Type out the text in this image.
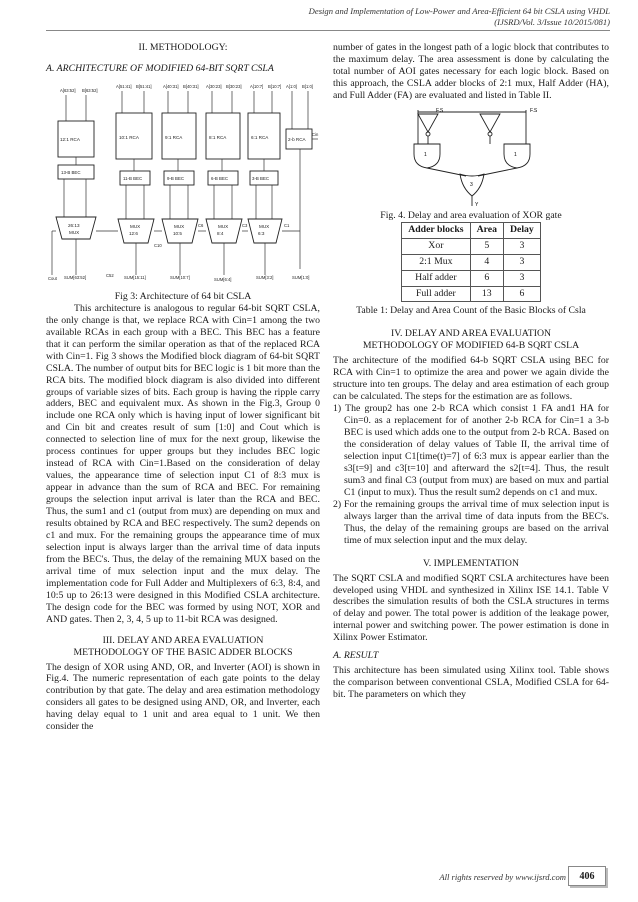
Design and Implementation of Low-Power and Area-Efficient 64 bit CSLA using VHDL
(IJSRD/Vol. 3/Issue 10/2015/081)

II. METHODOLOGY:

A. ARCHITECTURE OF MODIFIED 64-BIT SQRT CSLA

A[63:52] B[63:52]
A[51:41] B[51:41]	A[40:31] B[40:31] A[30:23] B[30:23] A[10:7] B[10:7] A[1:0] B[1:0]
12:1 RCA	10:1 RCA	9:1 RCA	8:1 RCA	6:1 RCA	2-b RCA
13-B BEC
11-B BEC	9-B BEC	6-B BEC	3-B BEC
26:13
12:6	10:5	8:4	6:3
MUX
MUX	MUX	MUX	MUX
Cin
C1
C3
C6
C10
C52
Cout SUM[63:52]	SUM[15:11]	SUM[10:7]	SUM[6:4]	SUM[3:2]	SUM[1:0]

Fig 3: Architecture of 64 bit CSLA

This architecture is analogous to regular 64-bit SQRT CSLA, the only change is that, we replace RCA with Cin=1 among the two available RCAs in each group with a BEC. This BEC has a feature that it can perform the similar operation as that of the replaced RCA with Cin=1. Fig 3 shows the Modified block diagram of 64-bit SQRT CSLA. The number of output bits for BEC logic is 1 bit more than the RCA bits. The modified block diagram is also divided into different groups of variable sizes of bits. Each group is having the ripple carry adders, BEC and equivalent mux. As shown in the Fig.3, Group 0 include one RCA only which is having input of lower significant bit and Cin bit and creates result of sum [1:0] and Cout which is connected to selection line of mux for the next group, likewise the process continues for upper groups but they includes BEC logic instead of RCA with Cin=1.Based on the consideration of delay values, the appearance time of selection input C1 of 8:3 mux is appear in advance than the sum of RCA and BEC. For remaining groups the selection input arrival is later than the RCA and BEC. Thus, the sum1 and c1 (output from mux) are depending on mux and results obtained by RCA and BEC respectively. The sum2 depends on c1 and mux. For the remaining groups the appearance time of mux selection input is always larger than the arrival time of data inputs from the BEC's. Thus, the delay of the remaining MUX based on the arrival time of mux selection input and the mux delay. The implementation code for Full Adder and Multiplexers of 6:3, 8:4, and 10:5 up to 26:13 were designed in this Modified CSLA architecture. The design code for the BEC was formed by using NOT, XOR and AND gates. Then 2, 3, 4, 5 up to 11-bit RCA was designed.

III. DELAY AND AREA EVALUATION

METHODOLOGY OF THE BASIC ADDER BLOCKS

The design of XOR using AND, OR, and Inverter (AOI) is shown in Fig.4. The numeric representation of each gate points to the delay contribution by that gate. The delay and area estimation methodology considers all gates to be designed using AND, OR, and Inverter, each having delay equal to 1 unit and area equal to 1 unit. We then consider the

number of gates in the longest path of a logic block that contributes to the maximum delay. The area assessment is done by calculating the total number of AOI gates necessary for each logic block. Based on this approach, the CSLA adder blocks of 2:1 mux, Half Adder (HA), and Full Adder (FA) are evaluated and listed in Table II.

F.S	F.S
1	1
3
Y

Fig. 4. Delay and area evaluation of XOR gate

Adder blocks	Area	Delay
Xor	5	3
2:1 Mux	4	3
Half adder	6	3
Full adder	13	6

Table 1: Delay and Area Count of the Basic Blocks of Csla

IV. DELAY AND AREA EVALUATION

METHODOLOGY OF MODIFIED 64-B SQRT CSLA

The architecture of the modified 64-b SQRT CSLA using BEC for RCA with Cin=1 to optimize the area and power we again divide the structure into ten groups. The delay and area estimation of each group can be calculated. The steps for the estimation are as follows.

1) The group2 has one 2-b RCA which consist 1 FA and1 HA for Cin=0. as a replacement for of another 2-b RCA for Cin=1 a 3-b BEC is used which adds one to the output from 2-b RCA. Based on the consideration of delay values of Table II, the arrival time of selection input C1[time(t)=7] of 6:3 mux is appear earlier than the s3[t=9] and c3[t=10] and afterward the s2[t=4]. Thus, the result sum3 and final C3 (output from mux) are based on mux and partial C1 (input to mux). Thus the result sum2 depends on c1 and mux.

2) For the remaining groups the arrival time of mux selection input is always larger than the arrival time of data inputs from the BEC's. Thus, the delay of the remaining groups are based on the arrival time of mux selection input and the mux delay.

V. IMPLEMENTATION

The SQRT CSLA and modified SQRT CSLA architectures have been developed using VHDL and synthesized in Xilinx ISE 14.1. Table V describes the simulation results of both the CSLA structures in terms of delay and power. The total power is addition of the leakage power, internal power and switching power. The power estimation is done in Xilinx Power Estimator.

A. RESULT

This architecture has been simulated using Xilinx tool. Table shows the comparison between conventional CSLA, Modified CSLA for 64-bit. The parameters on which they

All rights reserved by www.ijsrd.com	406
